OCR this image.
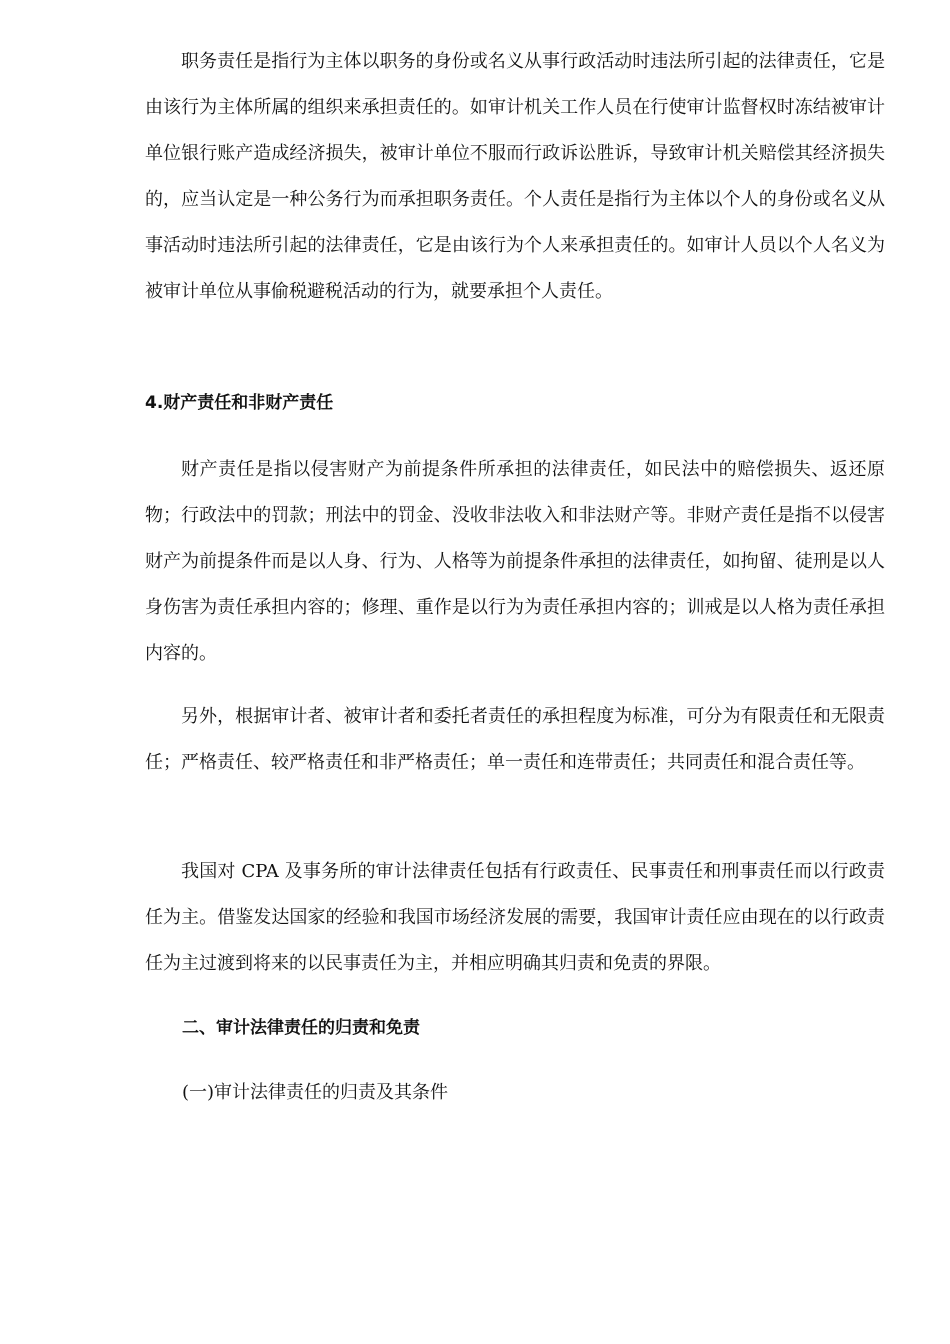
职务责任是指行为主体以职务的身份或名义从事行政活动时违法所引起的法律责任，它是由该行为主体所属的组织来承担责任的。如审计机关工作人员在行使审计监督权时冻结被审计单位银行账产造成经济损失，被审计单位不服而行政诉讼胜诉，导致审计机关赔偿其经济损失的，应当认定是一种公务行为而承担职务责任。个人责任是指行为主体以个人的身份或名义从事活动时违法所引起的法律责任，它是由该行为个人来承担责任的。如审计人员以个人名义为被审计单位从事偷税避税活动的行为，就要承担个人责任。

4.财产责任和非财产责任

财产责任是指以侵害财产为前提条件所承担的法律责任，如民法中的赔偿损失、返还原物；行政法中的罚款；刑法中的罚金、没收非法收入和非法财产等。非财产责任是指不以侵害财产为前提条件而是以人身、行为、人格等为前提条件承担的法律责任，如拘留、徒刑是以人身伤害为责任承担内容的；修理、重作是以行为为责任承担内容的；训戒是以人格为责任承担内容的。

另外，根据审计者、被审计者和委托者责任的承担程度为标准，可分为有限责任和无限责任；严格责任、较严格责任和非严格责任；单一责任和连带责任；共同责任和混合责任等。

我国对 CPA 及事务所的审计法律责任包括有行政责任、民事责任和刑事责任而以行政责任为主。借鉴发达国家的经验和我国市场经济发展的需要，我国审计责任应由现在的以行政责任为主过渡到将来的以民事责任为主，并相应明确其归责和免责的界限。

二、审计法律责任的归责和免责

(一)审计法律责任的归责及其条件
